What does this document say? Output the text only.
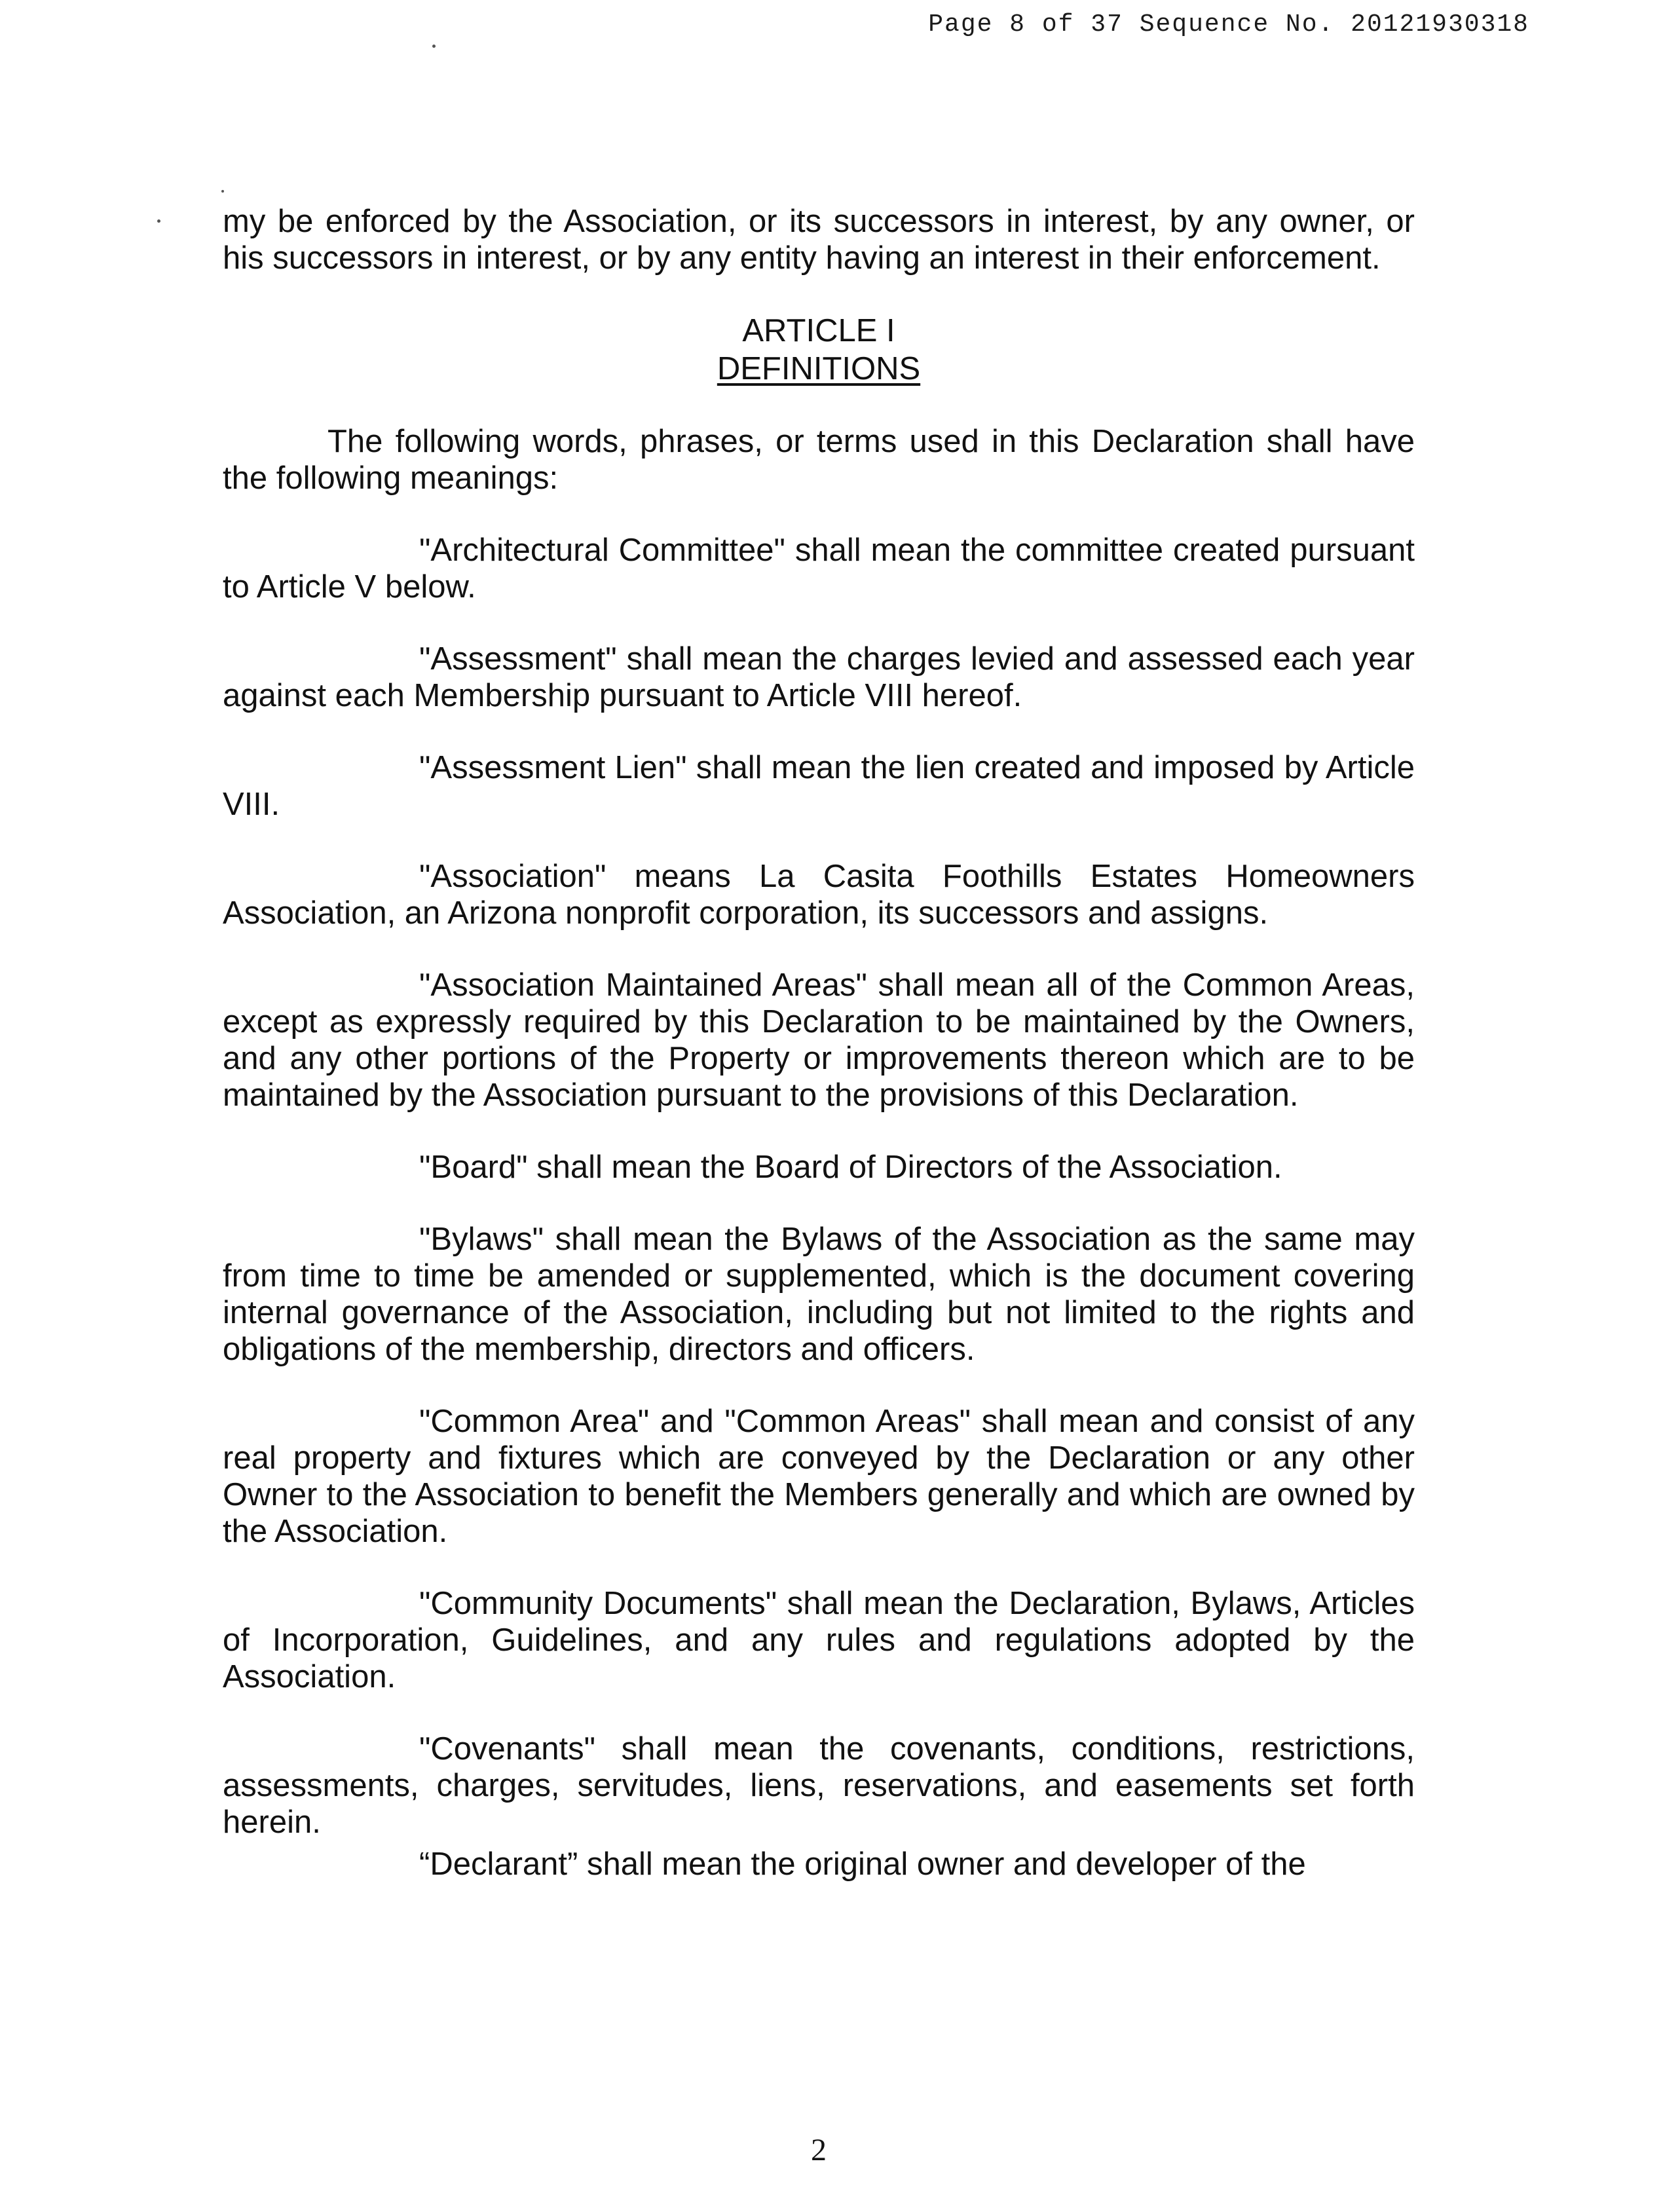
Page 8 of 37 Sequence No. 20121930318

my be enforced by the Association, or its successors in interest, by any owner, or his successors in interest, or by any entity having an interest in their enforcement.

ARTICLE I
DEFINITIONS

The following words, phrases, or terms used in this Declaration shall have the following meanings:

"Architectural Committee" shall mean the committee created pursuant to Article V below.

"Assessment" shall mean the charges levied and assessed each year against each Membership pursuant to Article VIII hereof.

"Assessment Lien" shall mean the lien created and imposed by Article VIII.

"Association" means La Casita Foothills Estates Homeowners Association, an Arizona nonprofit corporation, its successors and assigns.

"Association Maintained Areas" shall mean all of the Common Areas, except as expressly required by this Declaration to be maintained by the Owners, and any other portions of the Property or improvements thereon which are to be maintained by the Association pursuant to the provisions of this Declaration.

"Board" shall mean the Board of Directors of the Association.

"Bylaws" shall mean the Bylaws of the Association as the same may from time to time be amended or supplemented, which is the document covering internal governance of the Association, including but not limited to the rights and obligations of the membership, directors and officers.

"Common Area" and "Common Areas" shall mean and consist of any real property and fixtures which are conveyed by the Declaration or any other Owner to the Association to benefit the Members generally and which are owned by the Association.

"Community Documents" shall mean the Declaration, Bylaws, Articles of Incorporation, Guidelines, and any rules and regulations adopted by the Association.

"Covenants" shall mean the covenants, conditions, restrictions, assessments, charges, servitudes, liens, reservations, and easements set forth herein.

“Declarant” shall mean the original owner and developer of the

2
